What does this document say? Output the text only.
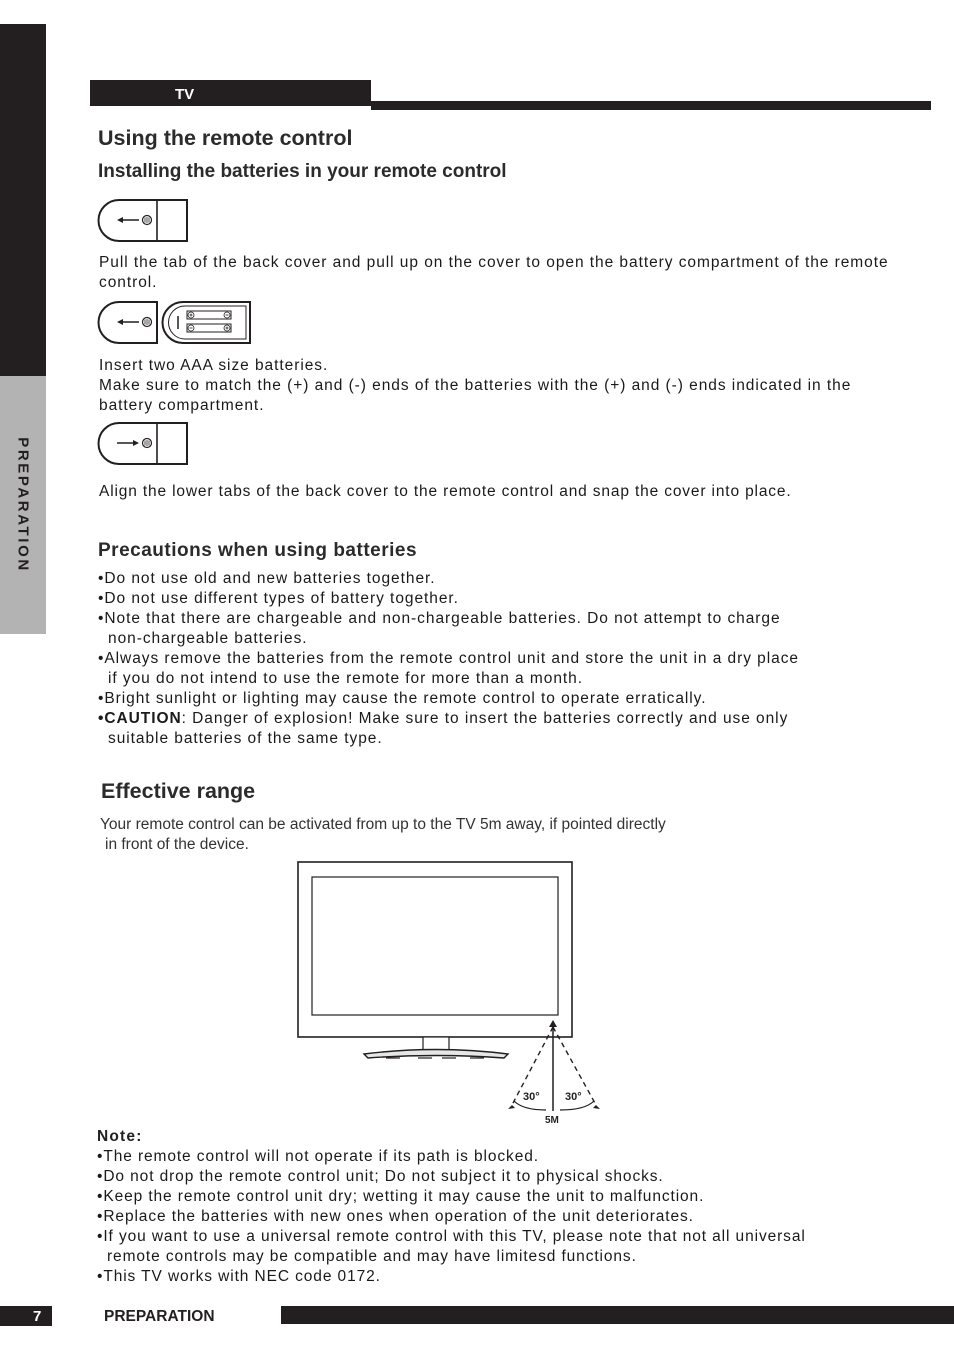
PREPARATION
TV
Using the remote control
Installing the batteries in your remote control
Pull the tab of the back cover and pull up on the cover to open the battery compartment of the remote control.
Insert two AAA size batteries.
Make sure to match the (+) and (-) ends of the batteries with the (+) and (-) ends indicated in the battery compartment.
Align the lower tabs of the back cover to the remote control and snap the cover into place.
Precautions when using batteries

•Do not use old and new batteries together.

•Do not use different types of battery together.

•Note that there are chargeable and non-chargeable batteries. Do not attempt to charge

non-chargeable batteries.

•Always remove the batteries from the remote control unit and store the unit in a dry place

if you do not intend to use the remote for more than a month.

•Bright sunlight or lighting may cause the remote control to operate erratically.

•CAUTION: Danger of explosion! Make sure to insert the batteries correctly and use only

suitable batteries of the same type.

Effective range
Your remote control can be activated from up to the TV 5m away, if pointed directly
in front of the device.
30° 30°
5M
Note:

•The remote control will not operate if its path is blocked.

•Do not drop the remote control unit; Do not subject it to physical shocks.

•Keep the remote control unit dry; wetting it may cause the unit to malfunction.

•Replace the batteries with new ones when operation of the unit deteriorates.

•If you want to use a universal remote control with this TV, please note that not all universal

remote controls may be compatible and may have limitesd functions.

•This TV works with NEC code 0172.

7	PREPARATION
